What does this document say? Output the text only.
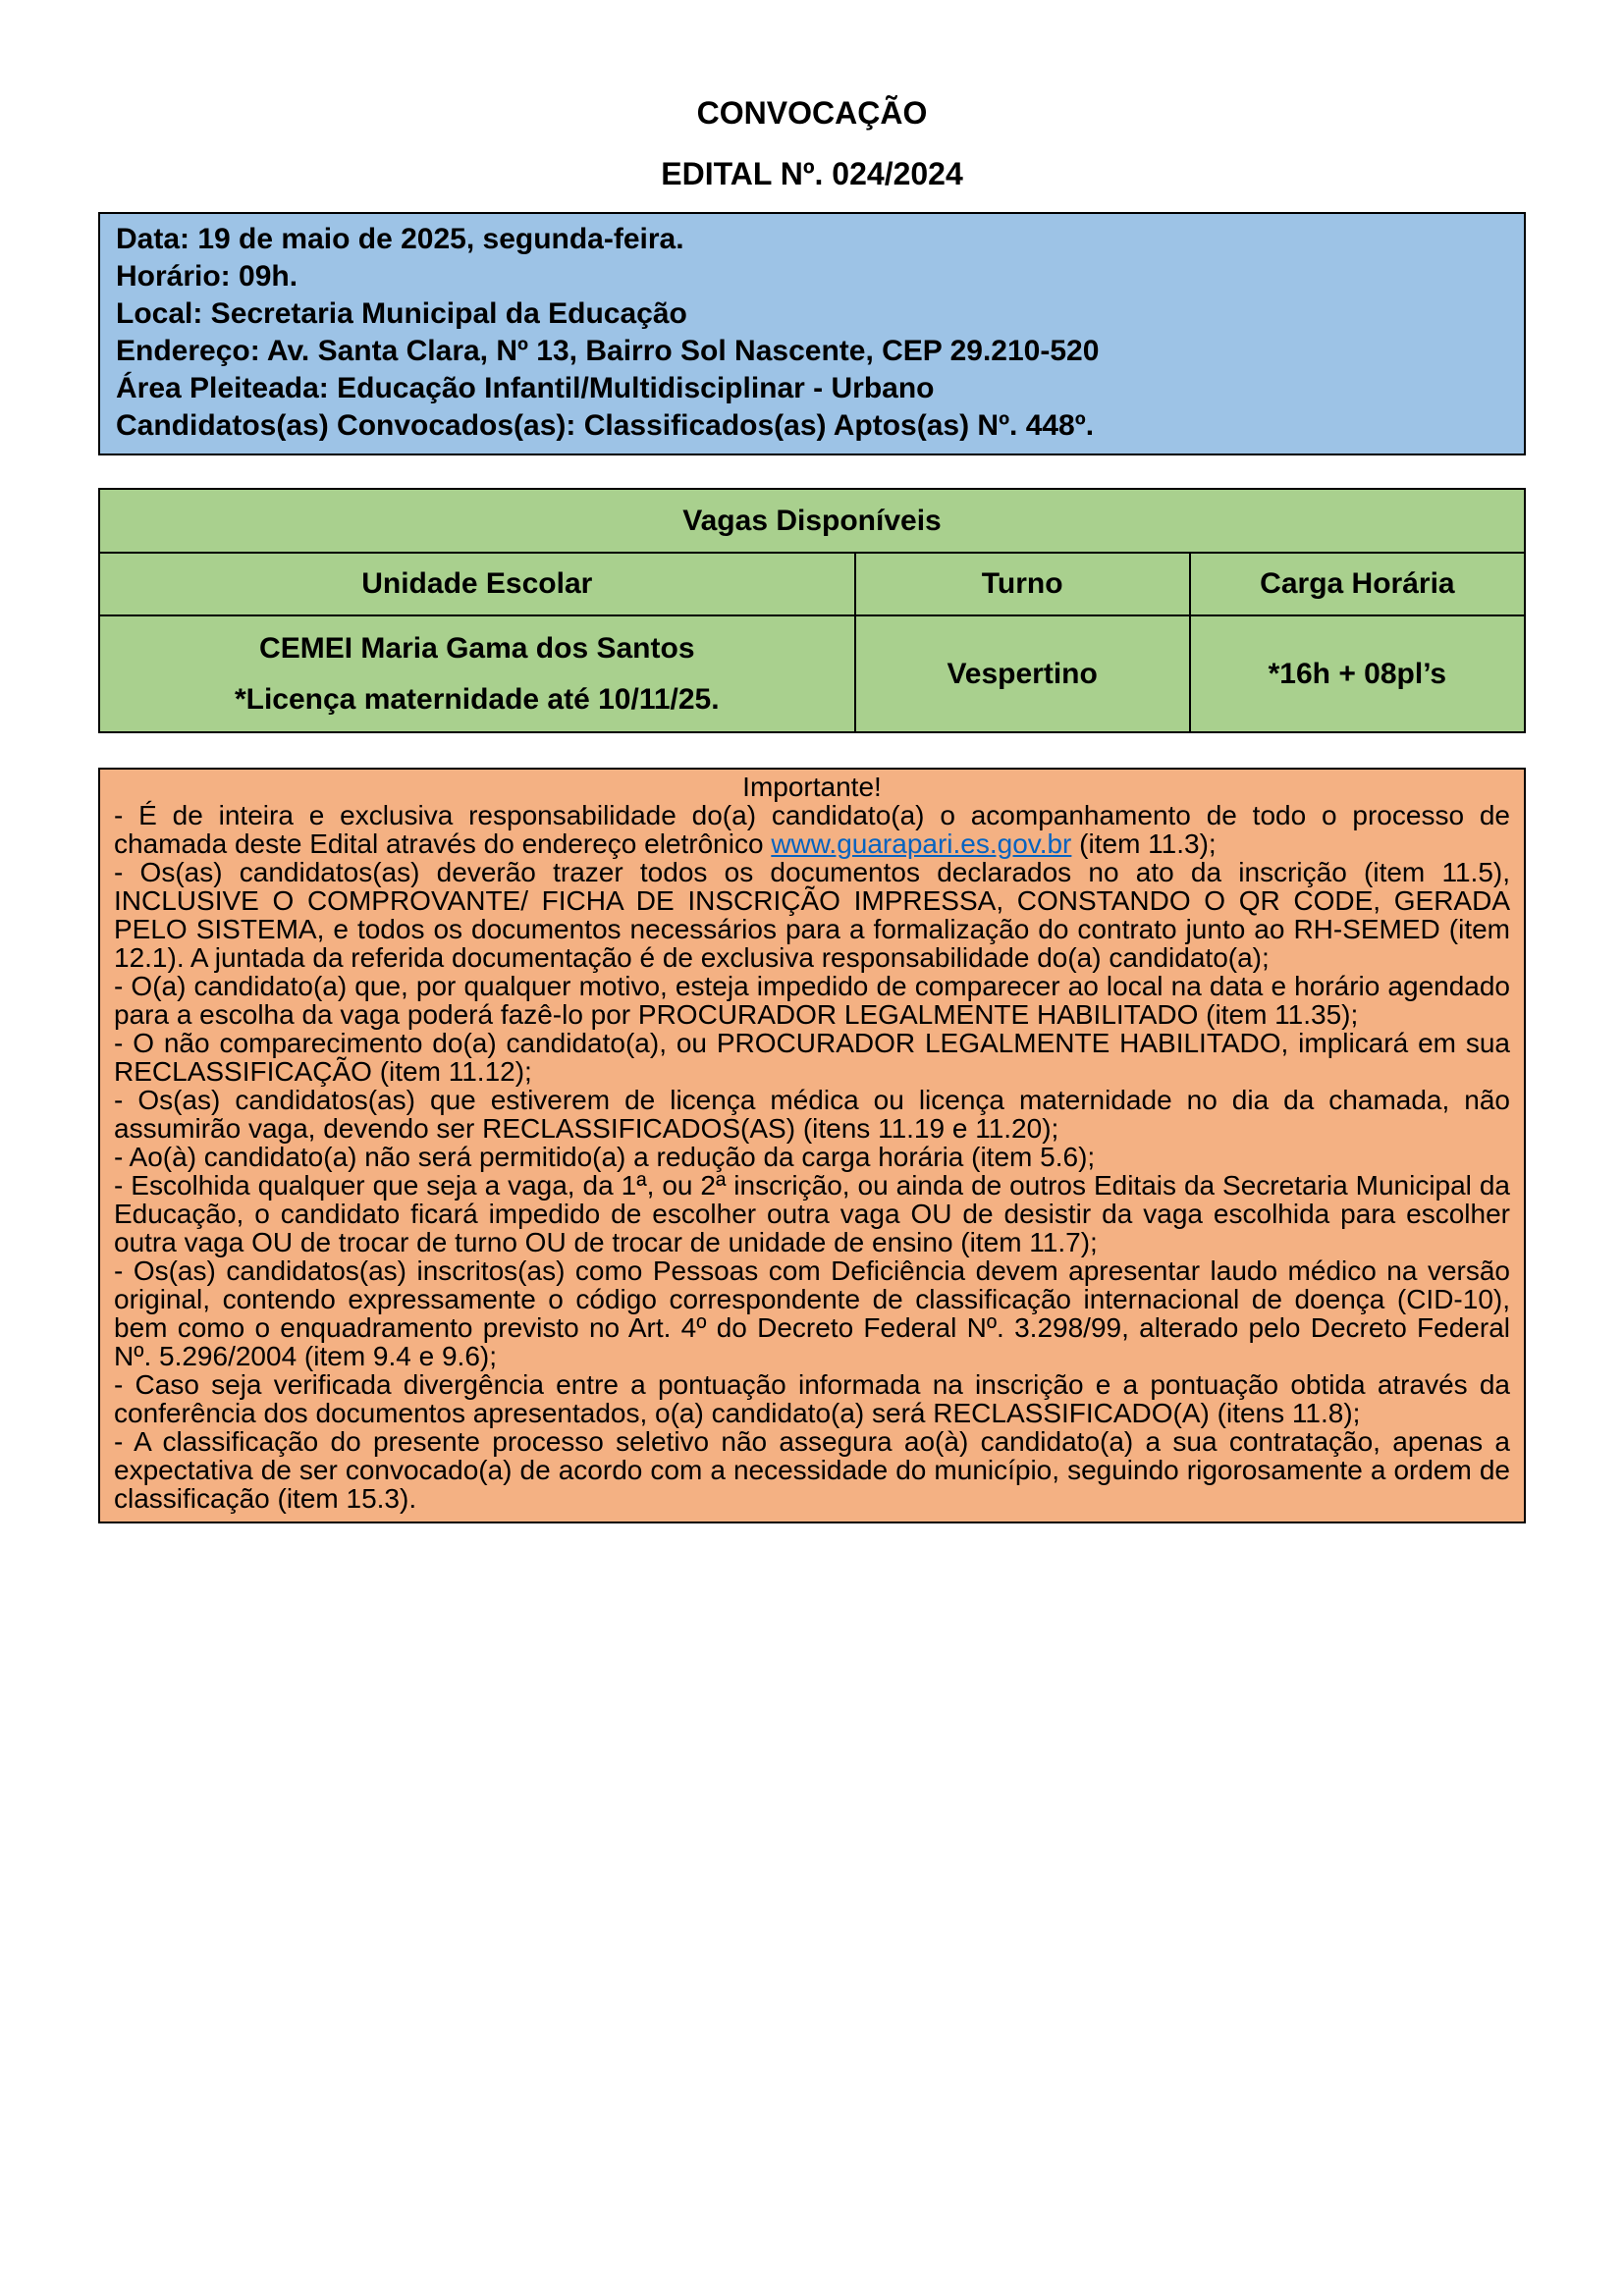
CONVOCAÇÃO
EDITAL Nº. 024/2024
Data: 19 de maio de 2025, segunda-feira.
Horário: 09h.
Local: Secretaria Municipal da Educação
Endereço: Av. Santa Clara, Nº 13, Bairro Sol Nascente, CEP 29.210-520
Área Pleiteada: Educação Infantil/Multidisciplinar - Urbano
Candidatos(as) Convocados(as): Classificados(as) Aptos(as) Nº. 448º.
Vagas Disponíveis		
Unidade Escolar	Turno	Carga Horária

CEMEI Maria Gama dos Santos
*Licença maternidade até 10/11/25.	Vespertino	*16h + 08pl’s
Importante!

- É de inteira e exclusiva responsabilidade do(a) candidato(a) o acompanhamento de todo o processo de chamada deste Edital através do endereço eletrônico www.guarapari.es.gov.br (item 11.3);

- Os(as) candidatos(as) deverão trazer todos os documentos declarados no ato da inscrição (item 11.5), INCLUSIVE O COMPROVANTE/ FICHA DE INSCRIÇÃO IMPRESSA, CONSTANDO O QR CODE, GERADA PELO SISTEMA, e todos os documentos necessários para a formalização do contrato junto ao RH-SEMED (item 12.1). A juntada da referida documentação é de exclusiva responsabilidade do(a) candidato(a);

- O(a) candidato(a) que, por qualquer motivo, esteja impedido de comparecer ao local na data e horário agendado para a escolha da vaga poderá fazê-lo por PROCURADOR LEGALMENTE HABILITADO (item 11.35);

- O não comparecimento do(a) candidato(a), ou PROCURADOR LEGALMENTE HABILITADO, implicará em sua RECLASSIFICAÇÃO (item 11.12);

- Os(as) candidatos(as) que estiverem de licença médica ou licença maternidade no dia da chamada, não assumirão vaga, devendo ser RECLASSIFICADOS(AS) (itens 11.19 e 11.20);

- Ao(à) candidato(a) não será permitido(a) a redução da carga horária (item 5.6);

- Escolhida qualquer que seja a vaga, da 1ª, ou 2ª inscrição, ou ainda de outros Editais da Secretaria Municipal da Educação, o candidato ficará impedido de escolher outra vaga OU de desistir da vaga escolhida para escolher outra vaga OU de trocar de turno OU de trocar de unidade de ensino (item 11.7);

- Os(as) candidatos(as) inscritos(as) como Pessoas com Deficiência devem apresentar laudo médico na versão original, contendo expressamente o código correspondente de classificação internacional de doença (CID-10), bem como o enquadramento previsto no Art. 4º do Decreto Federal Nº. 3.298/99, alterado pelo Decreto Federal Nº. 5.296/2004 (item 9.4 e 9.6);

- Caso seja verificada divergência entre a pontuação informada na inscrição e a pontuação obtida através da conferência dos documentos apresentados, o(a) candidato(a) será RECLASSIFICADO(A) (itens 11.8);

- A classificação do presente processo seletivo não assegura ao(à) candidato(a) a sua contratação, apenas a expectativa de ser convocado(a) de acordo com a necessidade do município, seguindo rigorosamente a ordem de classificação (item 15.3).
